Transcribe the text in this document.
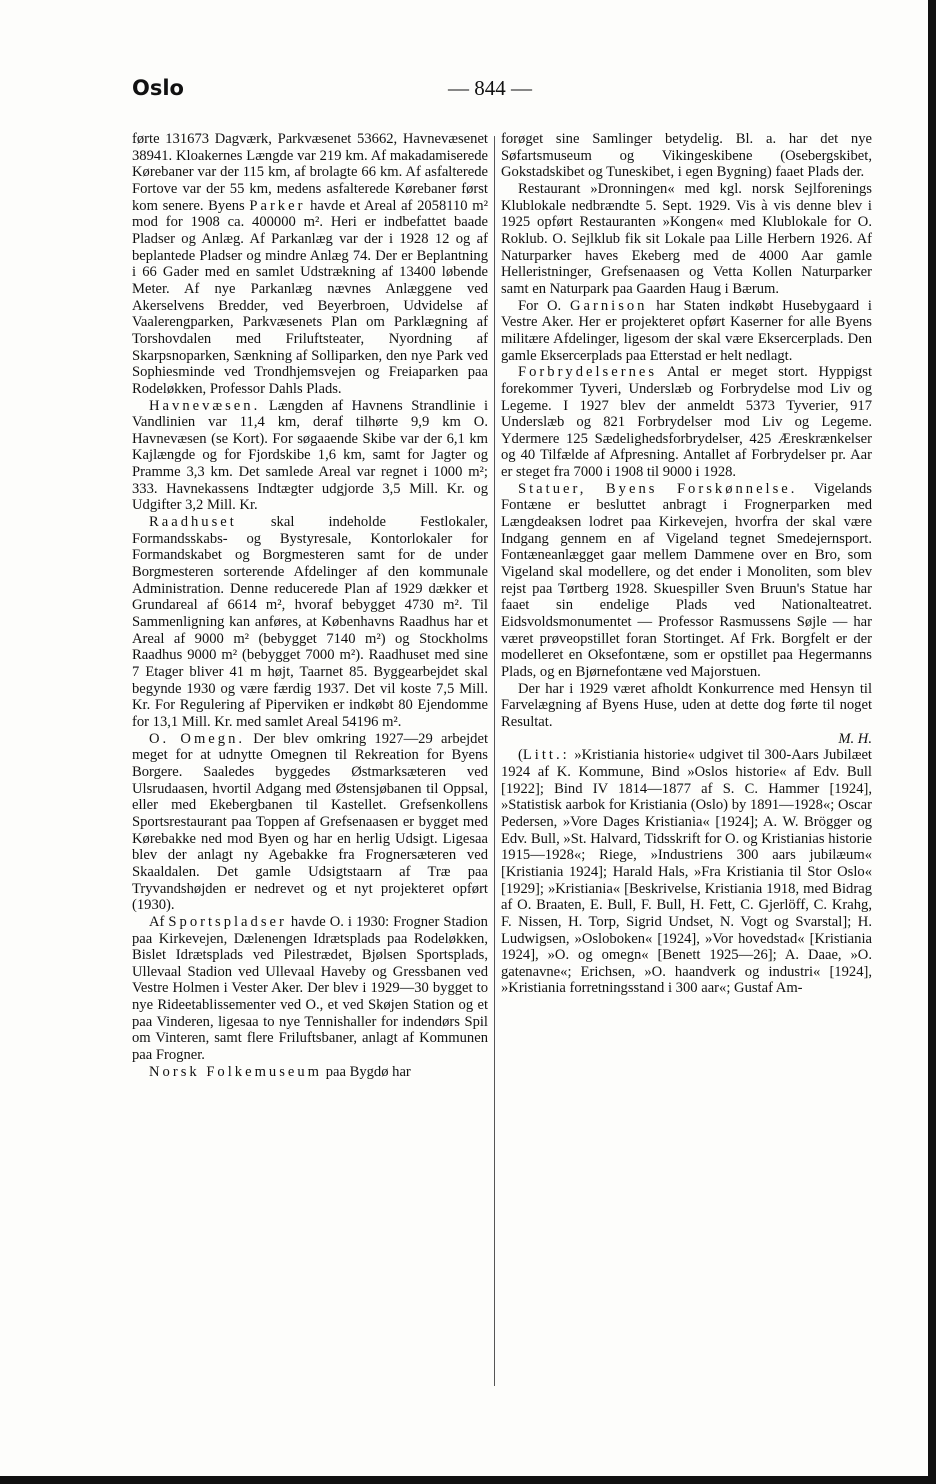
Oslo	— 844 —

førte 131673 Dagværk, Parkvæsenet 53662, Havnevæsenet 38941. Kloakernes Længde var 219 km. Af makadamiserede Kørebaner var der 115 km, af brolagte 66 km. Af asfalterede Fortove var der 55 km, medens asfalterede Kørebaner først kom senere. Byens Parker havde et Areal af 2058110 m² mod for 1908 ca. 400000 m². Heri er indbefattet baade Pladser og Anlæg. Af Parkanlæg var der i 1928 12 og af beplantede Pladser og mindre Anlæg 74. Der er Beplantning i 66 Gader med en samlet Udstrækning af 13400 løbende Meter. Af nye Parkanlæg nævnes Anlæggene ved Akerselvens Bredder, ved Beyerbroen, Udvidelse af Vaalerengparken, Parkvæsenets Plan om Parklægning af Torshovdalen med Friluftsteater, Nyordning af Skarpsnoparken, Sænkning af Solliparken, den nye Park ved Sophiesminde ved Trondhjemsvejen og Freiaparken paa Rodeløkken, Professor Dahls Plads.

Havnevæsen. Længden af Havnens Strandlinie i Vandlinien var 11,4 km, deraf tilhørte 9,9 km O. Havnevæsen (se Kort). For søgaaende Skibe var der 6,1 km Kajlængde og for Fjordskibe 1,6 km, samt for Jagter og Pramme 3,3 km. Det samlede Areal var regnet i 1000 m²; 333. Havnekassens Indtægter udgjorde 3,5 Mill. Kr. og Udgifter 3,2 Mill. Kr.

Raadhuset skal indeholde Festlokaler, Formandsskabs- og Bystyresale, Kontorlokaler for Formandskabet og Borgmesteren samt for de under Borgmesteren sorterende Afdelinger af den kommunale Administration. Denne reducerede Plan af 1929 dækker et Grundareal af 6614 m², hvoraf bebygget 4730 m². Til Sammenligning kan anføres, at Københavns Raadhus har et Areal af 9000 m² (bebygget 7140 m²) og Stockholms Raadhus 9000 m² (bebygget 7000 m²). Raadhuset med sine 7 Etager bliver 41 m højt, Taarnet 85. Byggearbejdet skal begynde 1930 og være færdig 1937. Det vil koste 7,5 Mill. Kr. For Regulering af Piperviken er indkøbt 80 Ejendomme for 13,1 Mill. Kr. med samlet Areal 54196 m².

O. Omegn. Der blev omkring 1927—29 arbejdet meget for at udnytte Omegnen til Rekreation for Byens Borgere. Saaledes byggedes Østmarksæteren ved Ulsrudaasen, hvortil Adgang med Østensjøbanen til Oppsal, eller med Ekebergbanen til Kastellet. Grefsenkollens Sportsrestaurant paa Toppen af Grefsenaasen er bygget med Kørebakke ned mod Byen og har en herlig Udsigt. Ligesaa blev der anlagt ny Agebakke fra Frognersæteren ved Skaaldalen. Det gamle Udsigtstaarn af Træ paa Tryvandshøjden er nedrevet og et nyt projekteret opført (1930).

Af Sportspladser havde O. i 1930: Frogner Stadion paa Kirkevejen, Dælenengen Idrætsplads paa Rodeløkken, Bislet Idrætsplads ved Pilestrædet, Bjølsen Sportsplads, Ullevaal Stadion ved Ullevaal Haveby og Gressbanen ved Vestre Holmen i Vester Aker. Der blev i 1929—30 bygget to nye Rideetablissementer ved O., et ved Skøjen Station og et paa Vinderen, ligesaa to nye Tennishaller for indendørs Spil om Vinteren, samt flere Friluftsbaner, anlagt af Kommunen paa Frogner.

Norsk Folkemuseum paa Bygdø har

forøget sine Samlinger betydelig. Bl. a. har det nye Søfartsmuseum og Vikingeskibene (Osebergskibet, Gokstadskibet og Tuneskibet, i egen Bygning) faaet Plads der.

Restaurant »Dronningen« med kgl. norsk Sejlforenings Klublokale nedbrændte 5. Sept. 1929. Vis à vis denne blev i 1925 opført Restauranten »Kongen« med Klublokale for O. Roklub. O. Sejlklub fik sit Lokale paa Lille Herbern 1926. Af Naturparker haves Ekeberg med de 4000 Aar gamle Helleristninger, Grefsenaasen og Vetta Kollen Naturparker samt en Naturpark paa Gaarden Haug i Bærum.

For O. Garnison har Staten indkøbt Husebygaard i Vestre Aker. Her er projekteret opført Kaserner for alle Byens militære Afdelinger, ligesom der skal være Eksercerplads. Den gamle Eksercerplads paa Etterstad er helt nedlagt.

Forbrydelsernes Antal er meget stort. Hyppigst forekommer Tyveri, Underslæb og Forbrydelse mod Liv og Legeme. I 1927 blev der anmeldt 5373 Tyverier, 917 Underslæb og 821 Forbrydelser mod Liv og Legeme. Ydermere 125 Sædelighedsforbrydelser, 425 Æreskrænkelser og 40 Tilfælde af Afpresning. Antallet af Forbrydelser pr. Aar er steget fra 7000 i 1908 til 9000 i 1928.

Statuer, Byens Forskønnelse. Vigelands Fontæne er besluttet anbragt i Frognerparken med Længdeaksen lodret paa Kirkevejen, hvorfra der skal være Indgang gennem en af Vigeland tegnet Smedejernsport. Fontæneanlægget gaar mellem Dammene over en Bro, som Vigeland skal modellere, og det ender i Monoliten, som blev rejst paa Tørtberg 1928. Skuespiller Sven Bruun's Statue har faaet sin endelige Plads ved Nationalteatret. Eidsvoldsmonumentet — Professor Rasmussens Søjle — har været prøveopstillet foran Stortinget. Af Frk. Borgfelt er der modelleret en Oksefontæne, som er opstillet paa Hegermanns Plads, og en Bjørnefontæne ved Majorstuen.

Der har i 1929 været afholdt Konkurrence med Hensyn til Farvelægning af Byens Huse, uden at dette dog førte til noget Resultat.

M. H.

(Litt.: »Kristiania historie« udgivet til 300-Aars Jubilæet 1924 af K. Kommune, Bind »Oslos historie« af Edv. Bull [1922]; Bind IV 1814—1877 af S. C. Hammer [1924], »Statistisk aarbok for Kristiania (Oslo) by 1891—1928«; Oscar Pedersen, »Vore Dages Kristiania« [1924]; A. W. Brögger og Edv. Bull, »St. Halvard, Tidsskrift for O. og Kristianias historie 1915—1928«; Riege, »Industriens 300 aars jubilæum« [Kristiania 1924]; Harald Hals, »Fra Kristiania til Stor Oslo« [1929]; »Kristiania« [Beskrivelse, Kristiania 1918, med Bidrag af O. Braaten, E. Bull, F. Bull, H. Fett, C. Gjerlöff, C. Krahg, F. Nissen, H. Torp, Sigrid Undset, N. Vogt og Svarstal]; H. Ludwigsen, »Osloboken« [1924], »Vor hovedstad« [Kristiania 1924], »O. og omegn« [Benett 1925—26]; A. Daae, »O. gatenavne«; Erichsen, »O. haandverk og industri« [1924], »Kristiania forretningsstand i 300 aar«; Gustaf Am-
